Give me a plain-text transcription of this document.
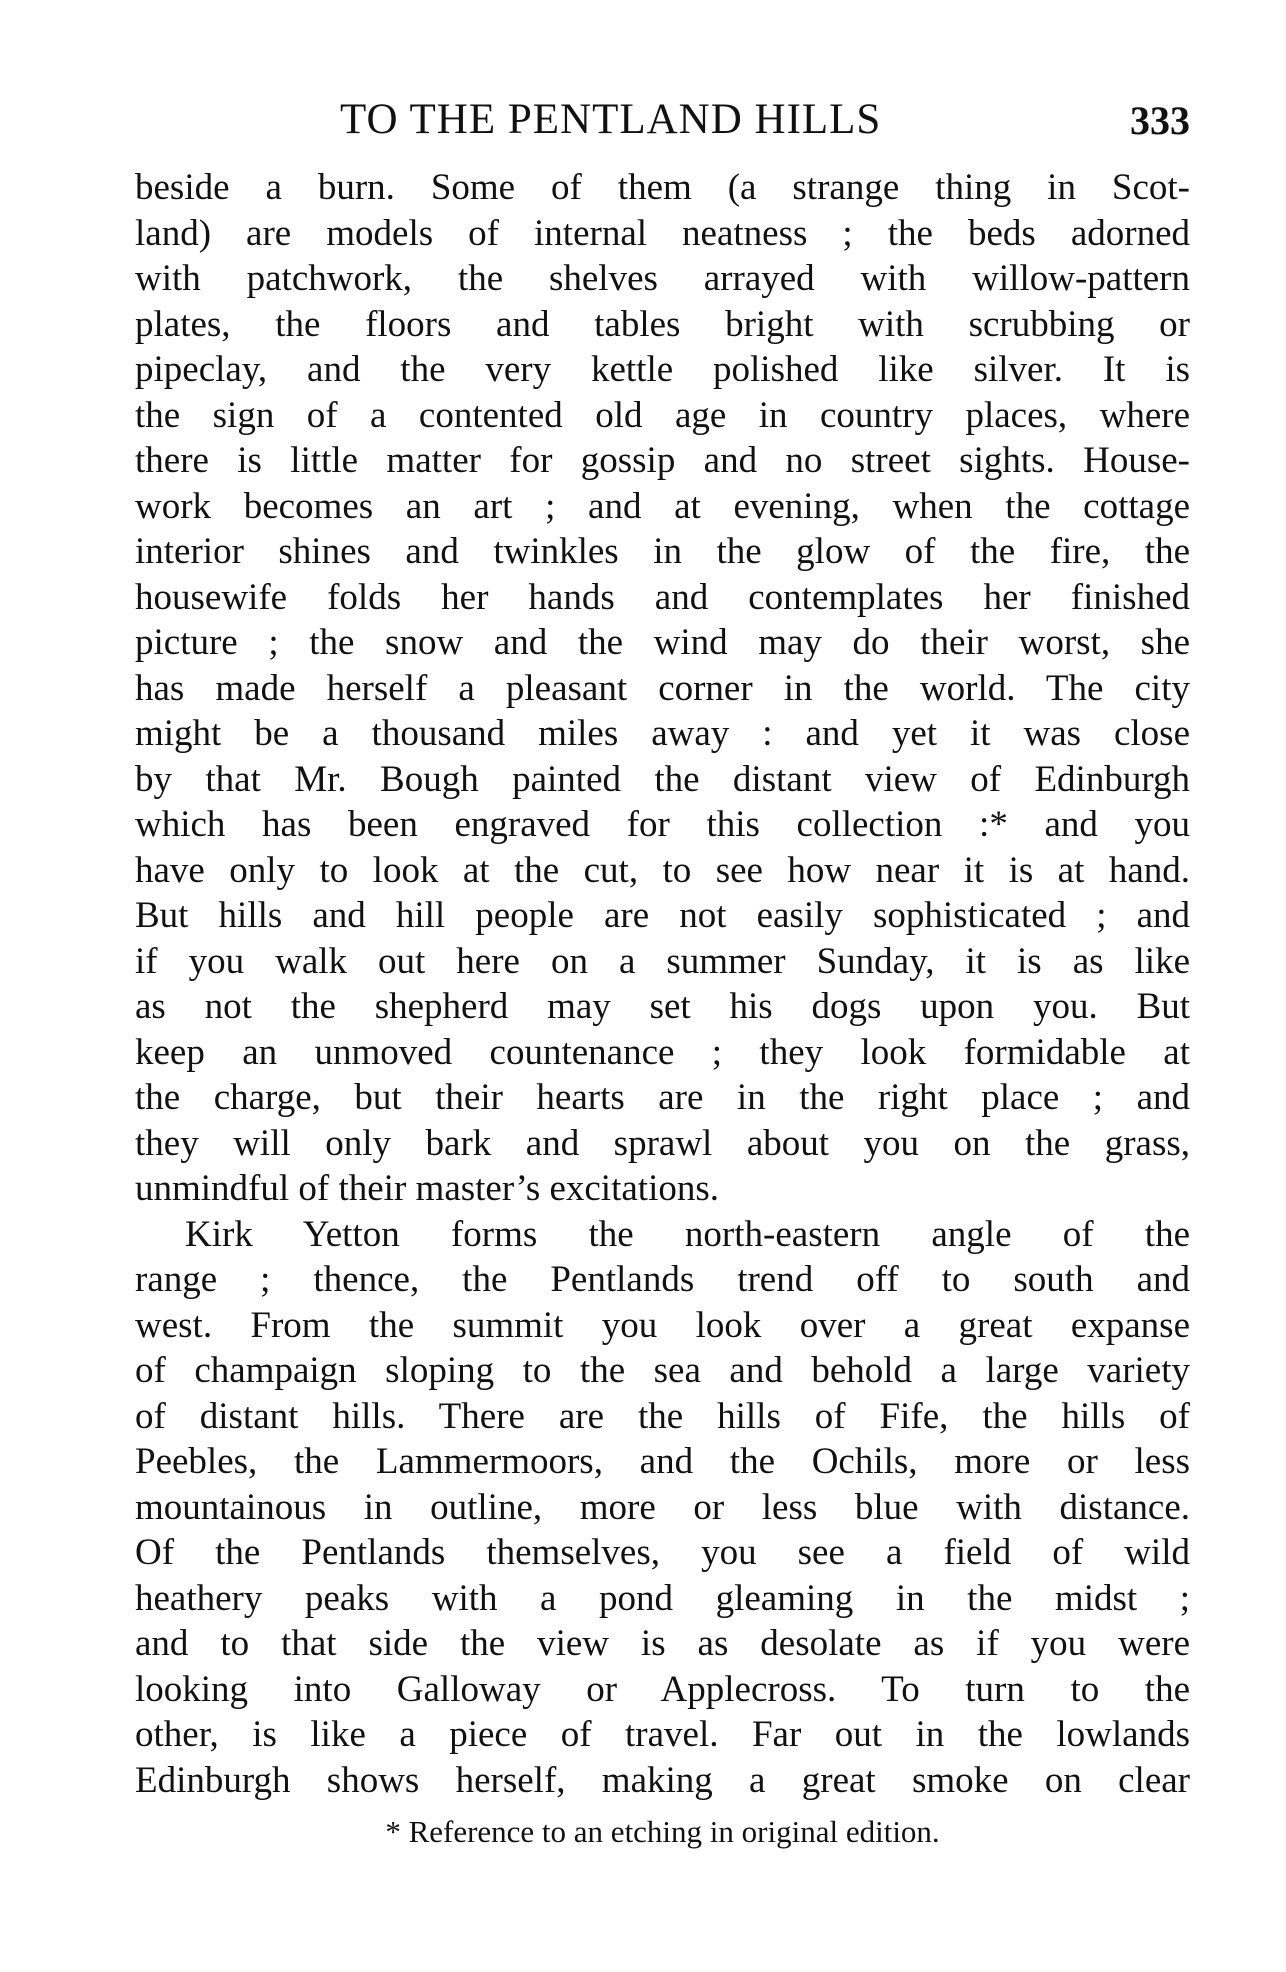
TO THE PENTLAND HILLS	333
beside a burn. Some of them (a strange thing in Scot-
land) are models of internal neatness ; the beds adorned
with patchwork, the shelves arrayed with willow-pattern
plates, the floors and tables bright with scrubbing or
pipeclay, and the very kettle polished like silver. It is
the sign of a contented old age in country places, where
there is little matter for gossip and no street sights. House-
work becomes an art ; and at evening, when the cottage
interior shines and twinkles in the glow of the fire, the
housewife folds her hands and contemplates her finished
picture ; the snow and the wind may do their worst, she
has made herself a pleasant corner in the world. The city
might be a thousand miles away : and yet it was close
by that Mr. Bough painted the distant view of Edinburgh
which has been engraved for this collection :* and you
have only to look at the cut, to see how near it is at hand.
But hills and hill people are not easily sophisticated ; and
if you walk out here on a summer Sunday, it is as like
as not the shepherd may set his dogs upon you. But
keep an unmoved countenance ; they look formidable at
the charge, but their hearts are in the right place ; and
they will only bark and sprawl about you on the grass,
unmindful of their master’s excitations.
Kirk Yetton forms the north-eastern angle of the
range ; thence, the Pentlands trend off to south and
west. From the summit you look over a great expanse
of champaign sloping to the sea and behold a large variety
of distant hills. There are the hills of Fife, the hills of
Peebles, the Lammermoors, and the Ochils, more or less
mountainous in outline, more or less blue with distance.
Of the Pentlands themselves, you see a field of wild
heathery peaks with a pond gleaming in the midst ;
and to that side the view is as desolate as if you were
looking into Galloway or Applecross. To turn to the
other, is like a piece of travel. Far out in the lowlands
Edinburgh shows herself, making a great smoke on clear
* Reference to an etching in original edition.
